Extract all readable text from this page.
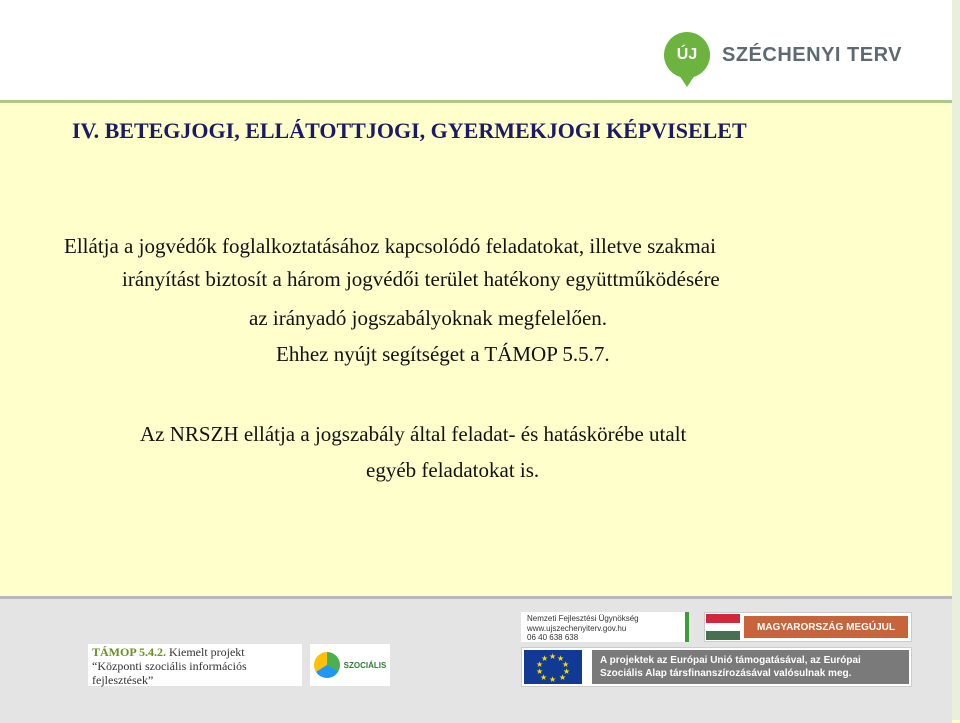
ÚJ	SZÉCHENYI TERV
IV. BETEGJOGI, ELLÁTOTTJOGI, GYERMEKJOGI KÉPVISELET

Ellátja a jogvédők foglalkoztatásához kapcsolódó feladatokat, illetve szakmai

irányítást biztosít a három jogvédői terület hatékony együttműködésére

az irányadó jogszabályoknak megfelelően.

Ehhez nyújt segítséget a TÁMOP 5.5.7.

Az NRSZH ellátja a jogszabály által feladat- és hatáskörébe utalt

egyéb feladatokat is.

TÁMOP 5.4.2. Kiemelt projekt
“Központi szociális információs
fejlesztések”
SZOCIÁLIS
Nemzeti Fejlesztési Ügynökség
www.ujszechenyiterv.gov.hu
06 40 638 638
MAGYARORSZÁG MEGÚJUL
★ ★
★
★
★
★
★
★
★
★	A projektek az Európai Unió támogatásával, az Európai Szociális Alap társfinanszírozásával valósulnak meg.
